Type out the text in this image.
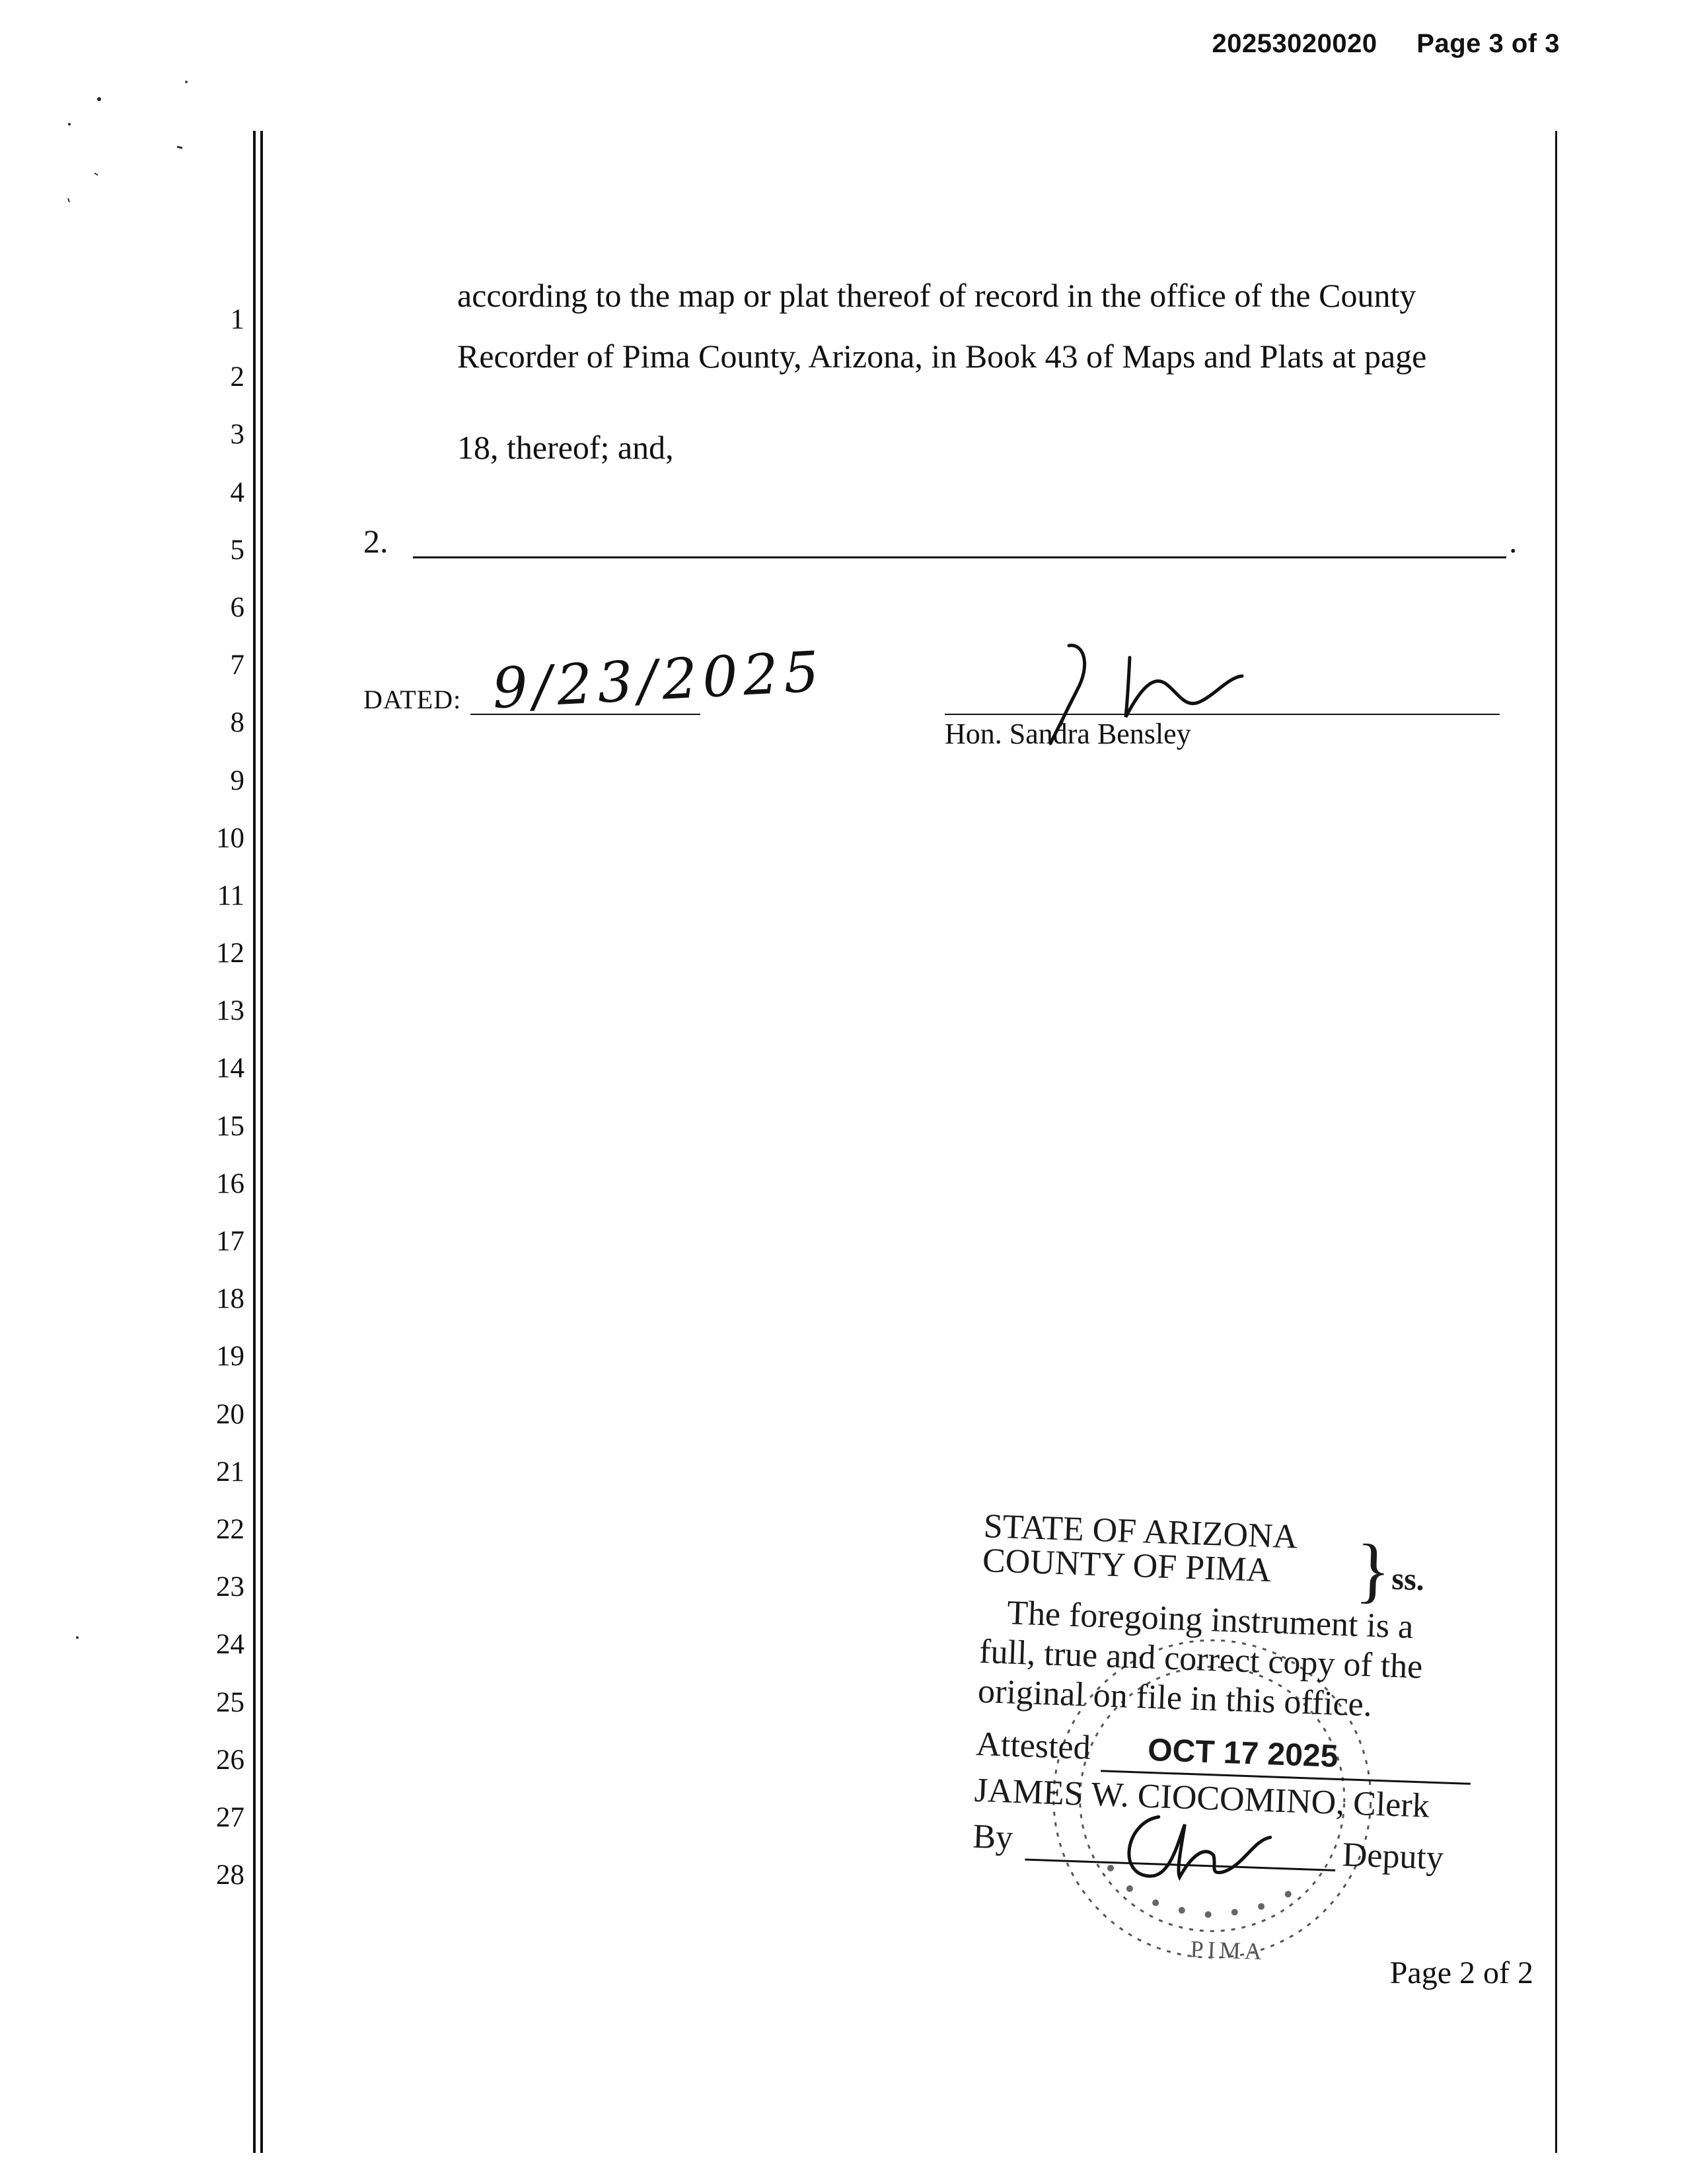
20253020020 Page 3 of 3
1
2
3
4
5
6
7
8
9
10
11
12
13
14
15
16
17
18
19
20
21
22
23
24
25
26
27
28
according to the map or plat thereof of record in the office of the County
Recorder of Pima County, Arizona, in Book 43 of Maps and Plats at page
18, thereof; and,
2.	.
DATED: 9/23/2025
Hon. Sandra Bensley
PIMA
STATE OF ARIZONA
COUNTY OF PIMA }
ss.
The foregoing instrument is a
full, true and correct copy of the
original on file in this office.
Attested OCT 17 2025
JAMES W. CIOCOMINO, Clerk
By	Deputy
Page 2 of 2
